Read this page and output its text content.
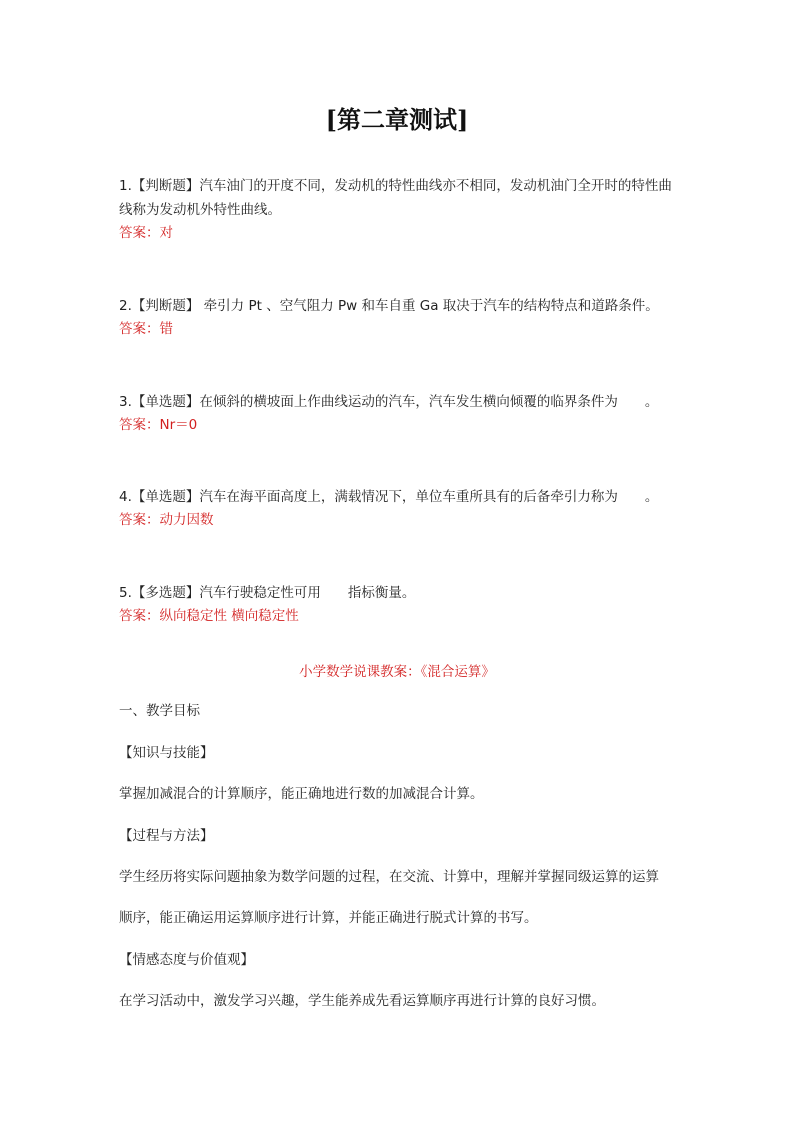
[第二章测试]
1.【判断题】汽车油门的开度不同，发动机的特性曲线亦不相同，发动机油门全开时的特性曲线称为发动机外特性曲线。
答案：对
2.【判断题】 牵引力 Pt 、空气阻力 Pw 和车自重 Ga 取决于汽车的结构特点和道路条件。
答案：错
3.【单选题】在倾斜的横坡面上作曲线运动的汽车，汽车发生横向倾覆的临界条件为　　。
答案：Nr＝0
4.【单选题】汽车在海平面高度上，满载情况下，单位车重所具有的后备牵引力称为　　。
答案：动力因数
5.【多选题】汽车行驶稳定性可用　　指标衡量。
答案：纵向稳定性 横向稳定性
小学数学说课教案：《混合运算》
一、教学目标
【知识与技能】
掌握加减混合的计算顺序，能正确地进行数的加减混合计算。
【过程与方法】
学生经历将实际问题抽象为数学问题的过程，在交流、计算中，理解并掌握同级运算的运算
顺序，能正确运用运算顺序进行计算，并能正确进行脱式计算的书写。
【情感态度与价值观】
在学习活动中，激发学习兴趣，学生能养成先看运算顺序再进行计算的良好习惯。
